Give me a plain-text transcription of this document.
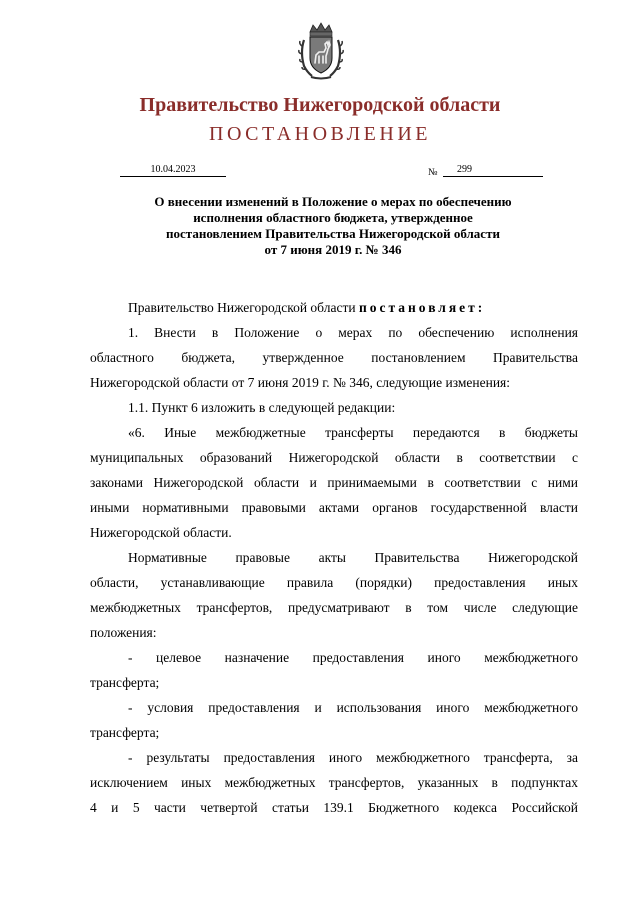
Правительство Нижегородской области
ПОСТАНОВЛЕНИЕ
10.04.2023	№	299
О внесении изменений в Положение о мерах по обеспечению
исполнения областного бюджета, утвержденное
постановлением Правительства Нижегородской области
от 7 июня 2019 г. № 346
Правительство Нижегородской области постановляет:
1. Внести в Положение о мерах по обеспечению исполнения
областного бюджета, утвержденное постановлением Правительства
Нижегородской области от 7 июня 2019 г. № 346, следующие изменения:
1.1. Пункт 6 изложить в следующей редакции:
«6. Иные межбюджетные трансферты передаются в бюджеты
муниципальных образований Нижегородской области в соответствии с
законами Нижегородской области и принимаемыми в соответствии с ними
иными нормативными правовыми актами органов государственной власти
Нижегородской области.
Нормативные правовые акты Правительства Нижегородской
области, устанавливающие правила (порядки) предоставления иных
межбюджетных трансфертов, предусматривают в том числе следующие
положения:
- целевое назначение предоставления иного межбюджетного
трансферта;
- условия предоставления и использования иного межбюджетного
трансферта;
- результаты предоставления иного межбюджетного трансферта, за
исключением иных межбюджетных трансфертов, указанных в подпунктах
4 и 5 части четвертой статьи 139.1 Бюджетного кодекса Российской
